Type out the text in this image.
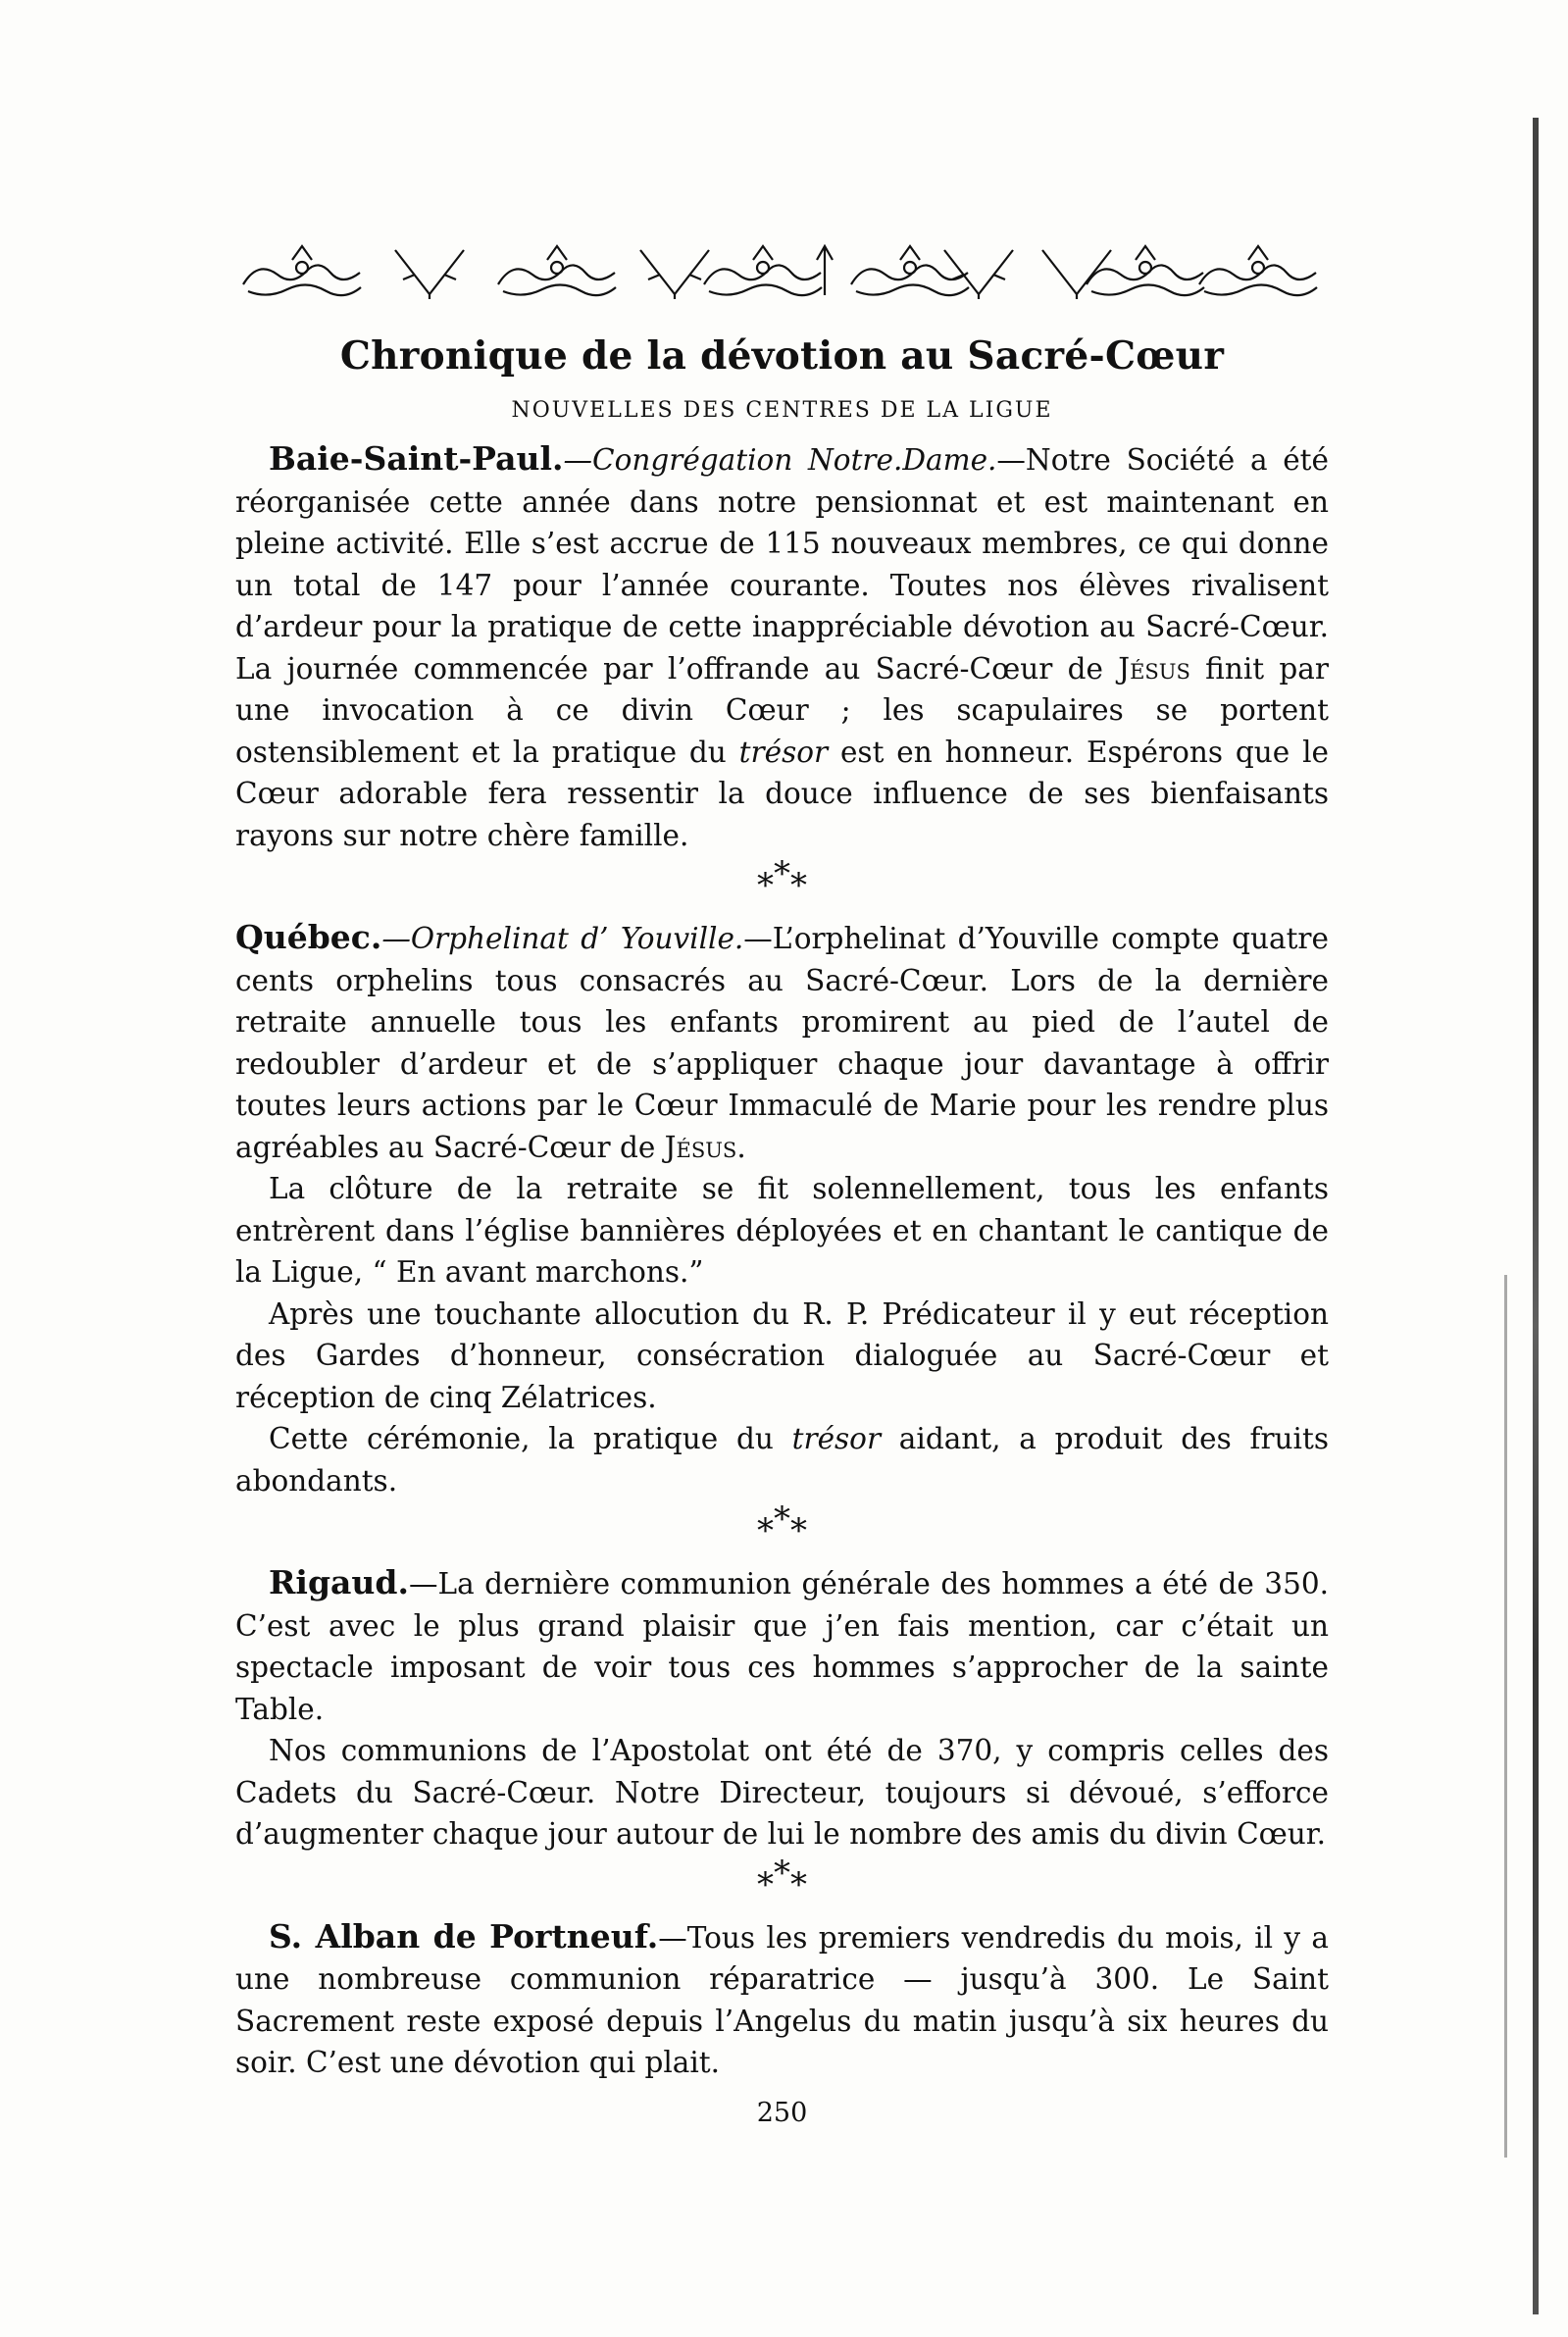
Chronique de la dévotion au Sacré-Cœur
NOUVELLES DES CENTRES DE LA LIGUE

Baie-Saint-Paul.—Congrégation Notre.Dame.—Notre Société a été réorganisée cette année dans notre pensionnat et est maintenant en pleine activité. Elle s’est accrue de 115 nouveaux membres, ce qui donne un total de 147 pour l’année courante. Toutes nos élèves rivalisent d’ardeur pour la pratique de cette inappréciable dévotion au Sacré-Cœur. La journée commencée par l’offrande au Sacré-Cœur de Jésus finit par une invocation à ce divin Cœur ; les scapulaires se portent ostensiblement et la pratique du trésor est en honneur. Espérons que le Cœur adorable fera ressentir la douce influence de ses bienfaisants rayons sur notre chère famille.

***

Québec.—Orphelinat d’ Youville.—L’orphelinat d’Youville compte quatre cents orphelins tous consacrés au Sacré-Cœur. Lors de la dernière retraite annuelle tous les enfants promirent au pied de l’autel de redoubler d’ardeur et de s’appliquer chaque jour davantage à offrir toutes leurs actions par le Cœur Immaculé de Marie pour les rendre plus agréables au Sacré-Cœur de Jésus.

La clôture de la retraite se fit solennellement, tous les enfants entrèrent dans l’église bannières déployées et en chantant le cantique de la Ligue, “ En avant marchons.”

Après une touchante allocution du R. P. Prédicateur il y eut réception des Gardes d’honneur, consécration dialoguée au Sacré-Cœur et réception de cinq Zélatrices.

Cette cérémonie, la pratique du trésor aidant, a produit des fruits abondants.

***

Rigaud.—La dernière communion générale des hommes a été de 350. C’est avec le plus grand plaisir que j’en fais mention, car c’était un spectacle imposant de voir tous ces hommes s’approcher de la sainte Table.

Nos communions de l’Apostolat ont été de 370, y compris celles des Cadets du Sacré-Cœur. Notre Directeur, toujours si dévoué, s’efforce d’augmenter chaque jour autour de lui le nombre des amis du divin Cœur.

***

S. Alban de Portneuf.—Tous les premiers vendredis du mois, il y a une nombreuse communion réparatrice — jusqu’à 300. Le Saint Sacrement reste exposé depuis l’Angelus du matin jusqu’à six heures du soir. C’est une dévotion qui plait.

250
